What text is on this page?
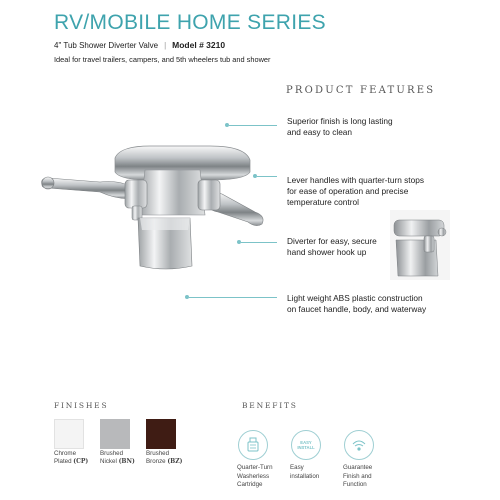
RV/MOBILE HOME SERIES
4" Tub Shower Diverter Valve | Model # 3210
Ideal for travel trailers, campers, and 5th wheelers tub and shower
PRODUCT FEATURES
Superior finish is long lasting
and easy to clean
Lever handles with quarter-turn stops
for ease of operation and precise
temperature control
Diverter for easy, secure
hand shower hook up
Light weight ABS plastic construction
on faucet handle, body, and waterway
FINISHES
Chrome
Plated (CP)
Brushed
Nickel (BN)
Brushed
Bronze (BZ)
BENEFITS
Quarter-Turn
Washerless
Cartridge
EASY INSTALL
Easy
installation
Guarantee
Finish and
Function
